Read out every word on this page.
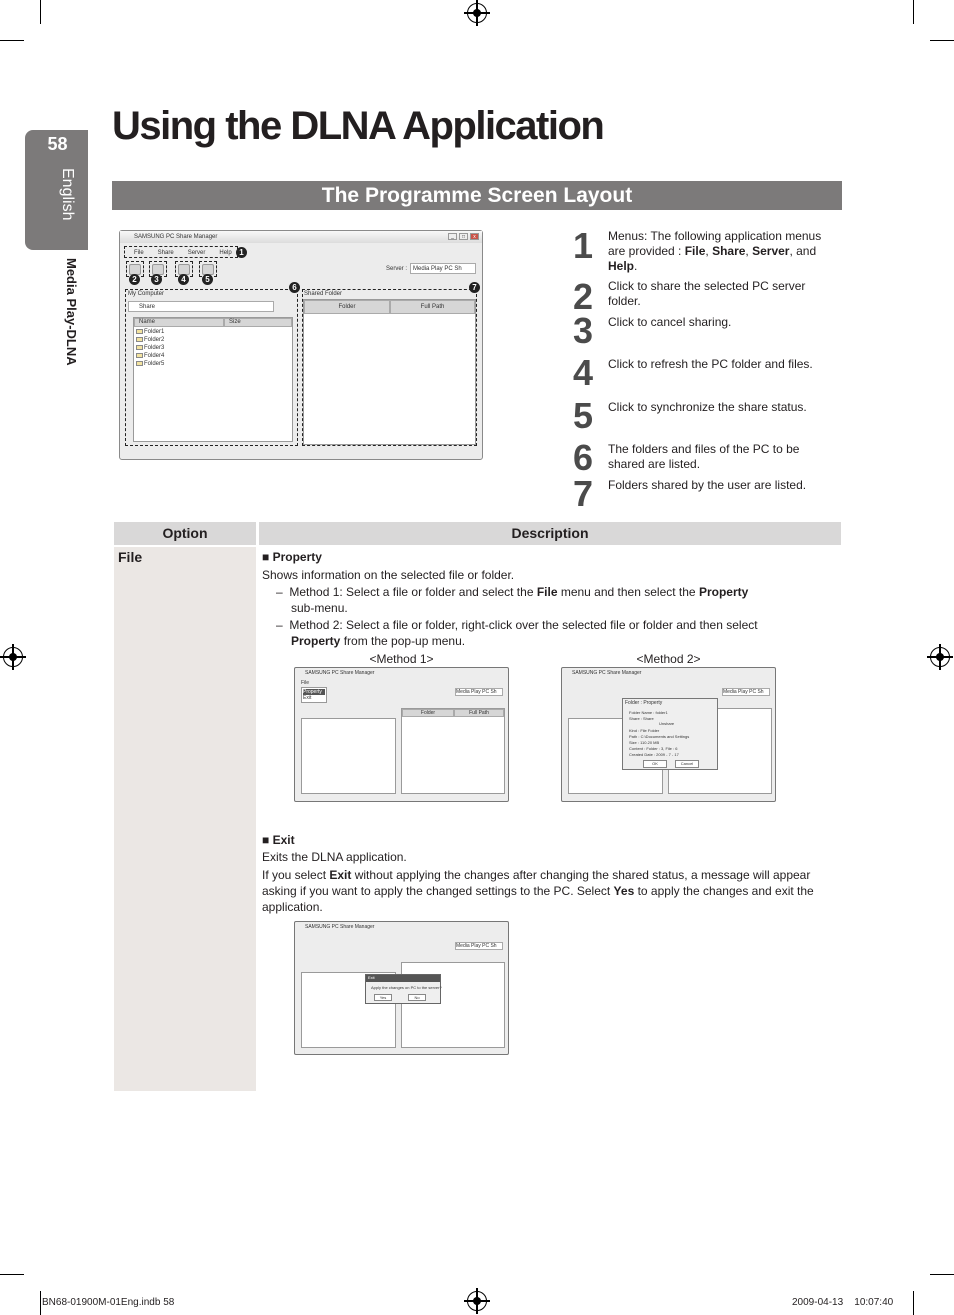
58
English
Media Play-DLNA
Using the DLNA Application
The Programme Screen Layout
SAMSUNG PC Share Manager	_	□	x
File Share Server Help 1
2	3	4	5
Server : Media Play PC Sh
6	7
My Computer
Share
Name	Size
Folder1
Folder2
Folder3
Folder4
Folder5
Shared Folder
Folder	Full Path
1 Menus: The following application menus are provided : File, Share, Server, and Help.
2 Click to share the selected PC server folder.
3 Click to cancel sharing.
4 Click to refresh the PC folder and files.
5 Click to synchronize the share status.
6 The folders and files of the PC to be shared are listed.
7 Folders shared by the user are listed.
Option	Description
File	■ Property
Shows information on the selected file or folder.
–  Method 1: Select a file or folder and select the File menu and then select the Property
sub-menu.
–  Method 2: Select a file or folder, right-click over the selected file or folder and then select
Property from the pop-up menu.
<Method 1>	<Method 2>
SAMSUNG PC Share Manager
File
Property
Exit
Media Play PC Sh
Folder	Full Path
SAMSUNG PC Share Manager
Media Play PC Sh
Folder : Property
Folder Name : folder1
Share : Share
Unshare
Kind : File Folder
Path : C:\Documents and Settings
Size : 110.20 MB
Content : Folder : 3, File : 6
Created Date : 2009 - 7 - 17
OK	Cancel
■ Exit
Exits the DLNA application.
If you select Exit without applying the changes after changing the shared status, a message will appear asking if you want to apply the changed settings to the PC. Select Yes to apply the changes and exit the application.
SAMSUNG PC Share Manager
Media Play PC Sh
Exit
Apply the changes on PC to the server?
Yes	No
BN68-01900M-01Eng.indb 58	2009-04-13    10:07:40
